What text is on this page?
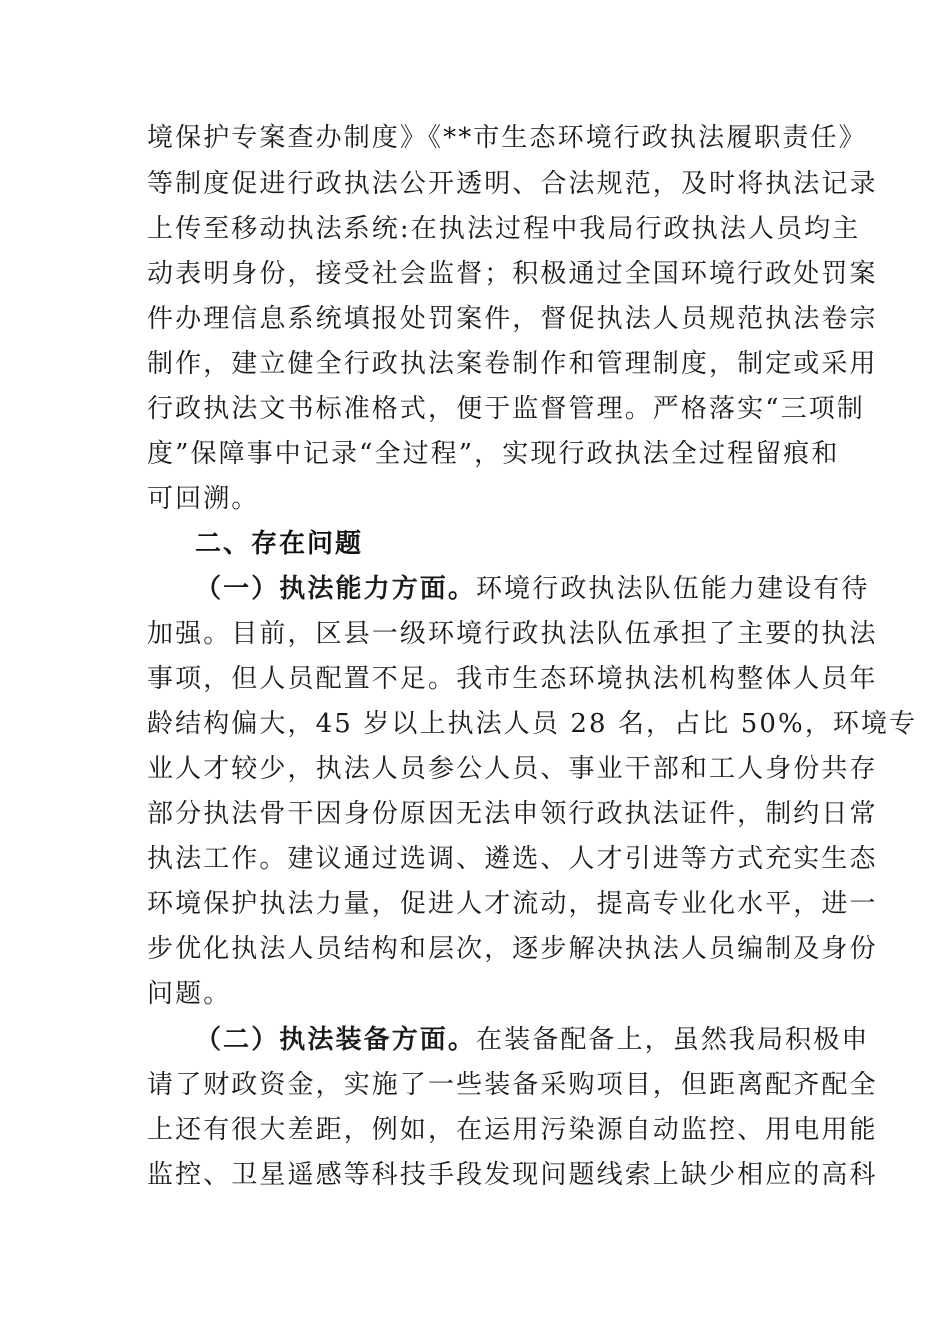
境保护专案查办制度》《**市生态环境行政执法履职责任》
等制度促进行政执法公开透明、合法规范，及时将执法记录
上传至移动执法系统:在执法过程中我局行政执法人员均主
动表明身份，接受社会监督；积极通过全国环境行政处罚案
件办理信息系统填报处罚案件，督促执法人员规范执法卷宗
制作，建立健全行政执法案卷制作和管理制度，制定或采用
行政执法文书标准格式，便于监督管理。严格落实“三项制
度”保障事中记录“全过程”，实现行政执法全过程留痕和
可回溯。
二、存在问题
（一）执法能力方面。环境行政执法队伍能力建设有待
加强。目前，区县一级环境行政执法队伍承担了主要的执法
事项，但人员配置不足。我市生态环境执法机构整体人员年
龄结构偏大，45 岁以上执法人员 28 名，占比 50%，环境专
业人才较少，执法人员参公人员、事业干部和工人身份共存
部分执法骨干因身份原因无法申领行政执法证件，制约日常
执法工作。建议通过选调、遴选、人才引进等方式充实生态
环境保护执法力量，促进人才流动，提高专业化水平，进一
步优化执法人员结构和层次，逐步解决执法人员编制及身份
问题。
（二）执法装备方面。在装备配备上，虽然我局积极申
请了财政资金，实施了一些装备采购项目，但距离配齐配全
上还有很大差距，例如，在运用污染源自动监控、用电用能
监控、卫星遥感等科技手段发现问题线索上缺少相应的高科
